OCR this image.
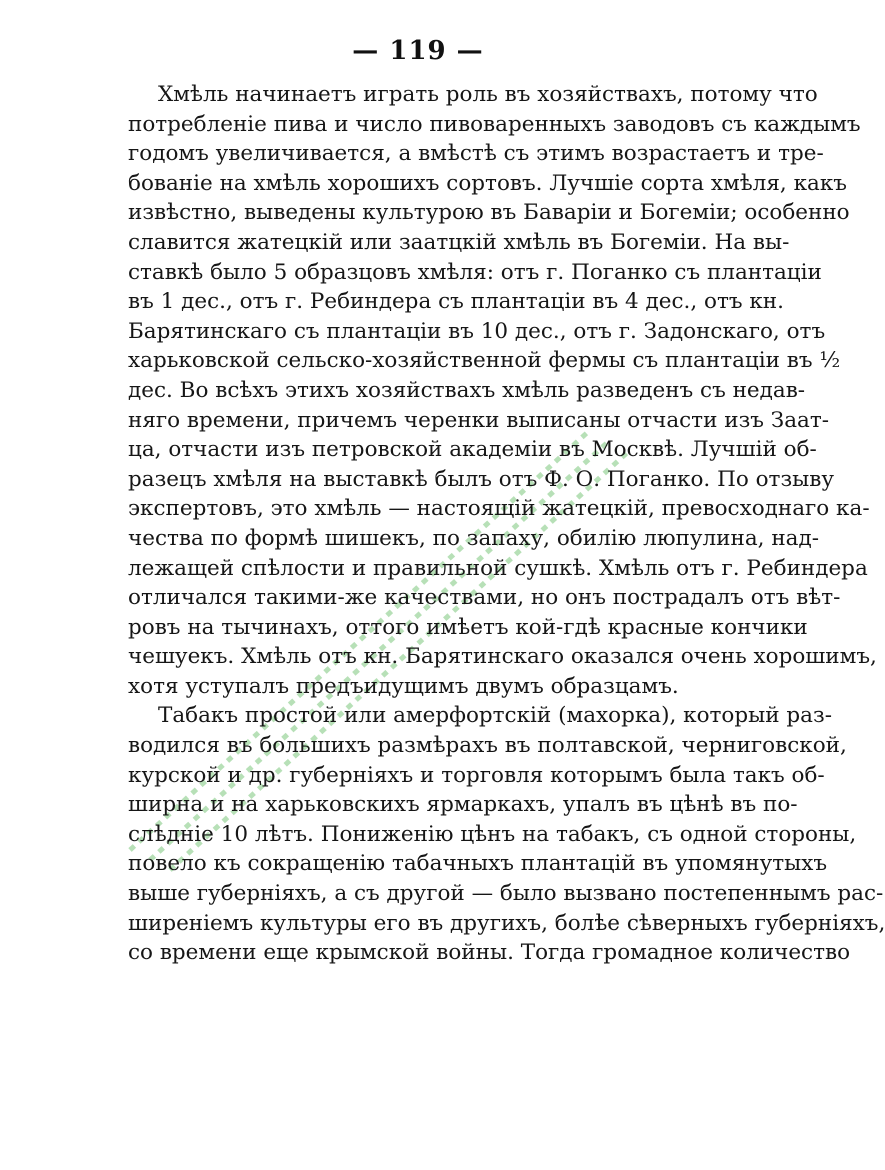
— 119 —
Хмѣль начинаетъ играть роль въ хозяйствахъ, потому что
потребленіе пива и число пивоваренныхъ заводовъ съ каждымъ
годомъ увеличивается, а вмѣстѣ съ этимъ возрастаетъ и тре-
бованіе на хмѣль хорошихъ сортовъ. Лучшіе сорта хмѣля, какъ
извѣстно, выведены культурою въ Баваріи и Богеміи; особенно
славится жатецкій или заатцкій хмѣль въ Богеміи. На вы-
ставкѣ было 5 образцовъ хмѣля: отъ г. Поганко съ плантаціи
въ 1 дес., отъ г. Ребиндера съ плантаціи въ 4 дес., отъ кн.
Барятинскаго съ плантаціи въ 10 дес., отъ г. Задонскаго, отъ
харьковской сельско-хозяйственной фермы съ плантаціи въ ½
дес. Во всѣхъ этихъ хозяйствахъ хмѣль разведенъ съ недав-
няго времени, причемъ черенки выписаны отчасти изъ Заат-
ца, отчасти изъ петровской академіи въ Москвѣ. Лучшій об-
разецъ хмѣля на выставкѣ былъ отъ Ф. О. Поганко. По отзыву
экспертовъ, это хмѣль — настоящій жатецкій, превосходнаго ка-
чества по формѣ шишекъ, по запаху, обилію люпулина, над-
лежащей спѣлости и правильной сушкѣ. Хмѣль отъ г. Ребиндера
отличался такими-же качествами, но онъ пострадалъ отъ вѣт-
ровъ на тычинахъ, оттого имѣетъ кой-гдѣ красные кончики
чешуекъ. Хмѣль отъ кн. Барятинскаго оказался очень хорошимъ,
хотя уступалъ предъидущимъ двумъ образцамъ.
Табакъ простой или амерфортскій (махорка), который раз-
водился въ большихъ размѣрахъ въ полтавской, черниговской,
курской и др. губерніяхъ и торговля которымъ была такъ об-
ширна и на харьковскихъ ярмаркахъ, упалъ въ цѣнѣ въ по-
слѣдніе 10 лѣтъ. Пониженію цѣнъ на табакъ, съ одной стороны,
повело къ сокращенію табачныхъ плантацій въ упомянутыхъ
выше губерніяхъ, а съ другой — было вызвано постепеннымъ рас-
ширеніемъ культуры его въ другихъ, болѣе сѣверныхъ губерніяхъ,
со времени еще крымской войны. Тогда громадное количество
